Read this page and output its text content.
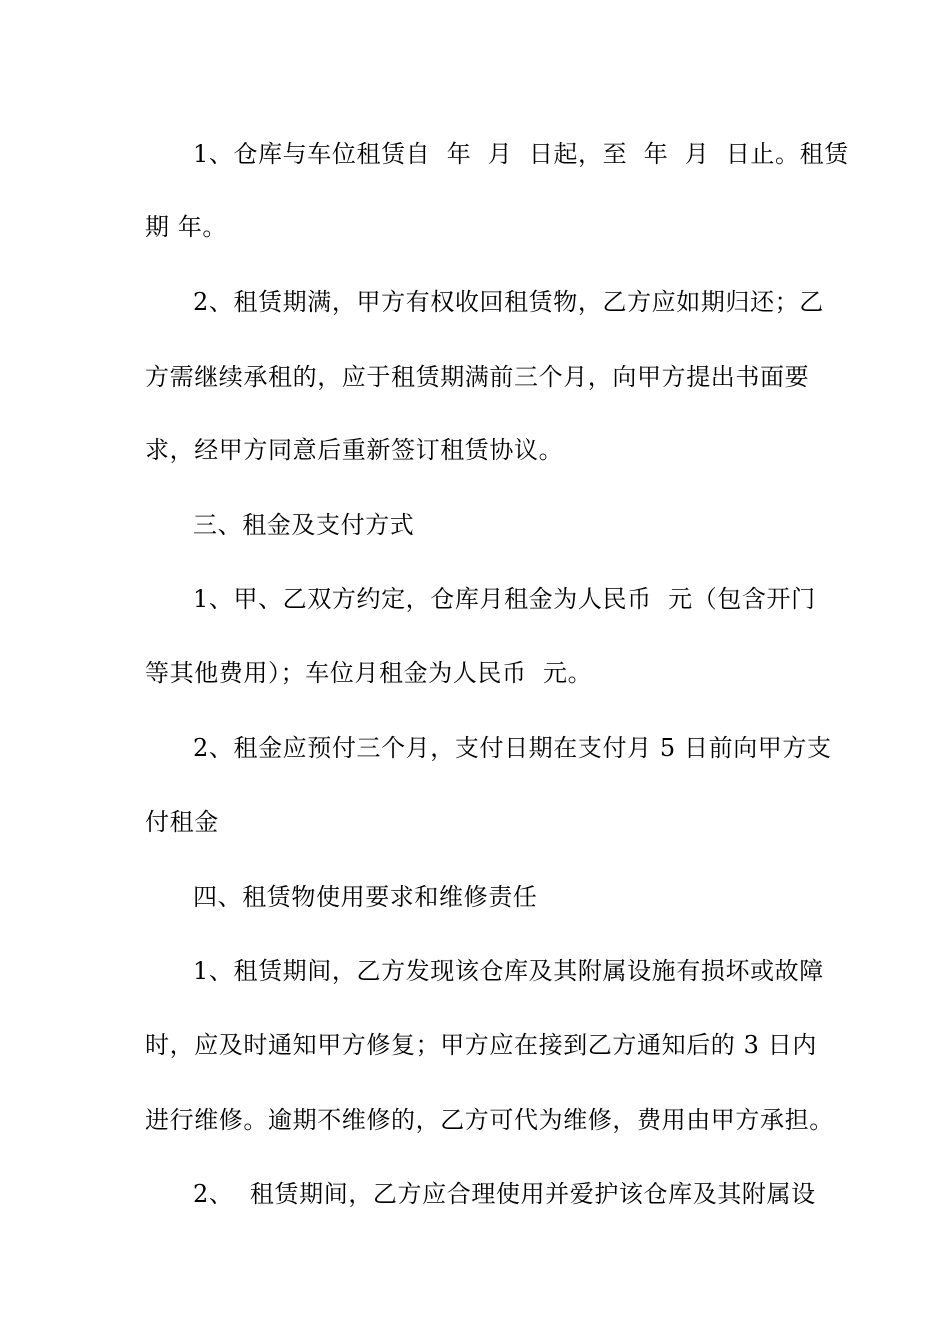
1、仓库与车位租赁自  年  月  日起，至  年  月  日止。租赁
期 年。
2、租赁期满，甲方有权收回租赁物，乙方应如期归还；乙
方需继续承租的，应于租赁期满前三个月，向甲方提出书面要
求，经甲方同意后重新签订租赁协议。
三、租金及支付方式
1、甲、乙双方约定，仓库月租金为人民币  元（包含开门
等其他费用）；车位月租金为人民币  元。
2、租金应预付三个月，支付日期在支付月 5 日前向甲方支
付租金
四、租赁物使用要求和维修责任
1、租赁期间，乙方发现该仓库及其附属设施有损坏或故障
时，应及时通知甲方修复；甲方应在接到乙方通知后的 3 日内
进行维修。逾期不维修的，乙方可代为维修，费用由甲方承担。
2、  租赁期间，乙方应合理使用并爱护该仓库及其附属设
